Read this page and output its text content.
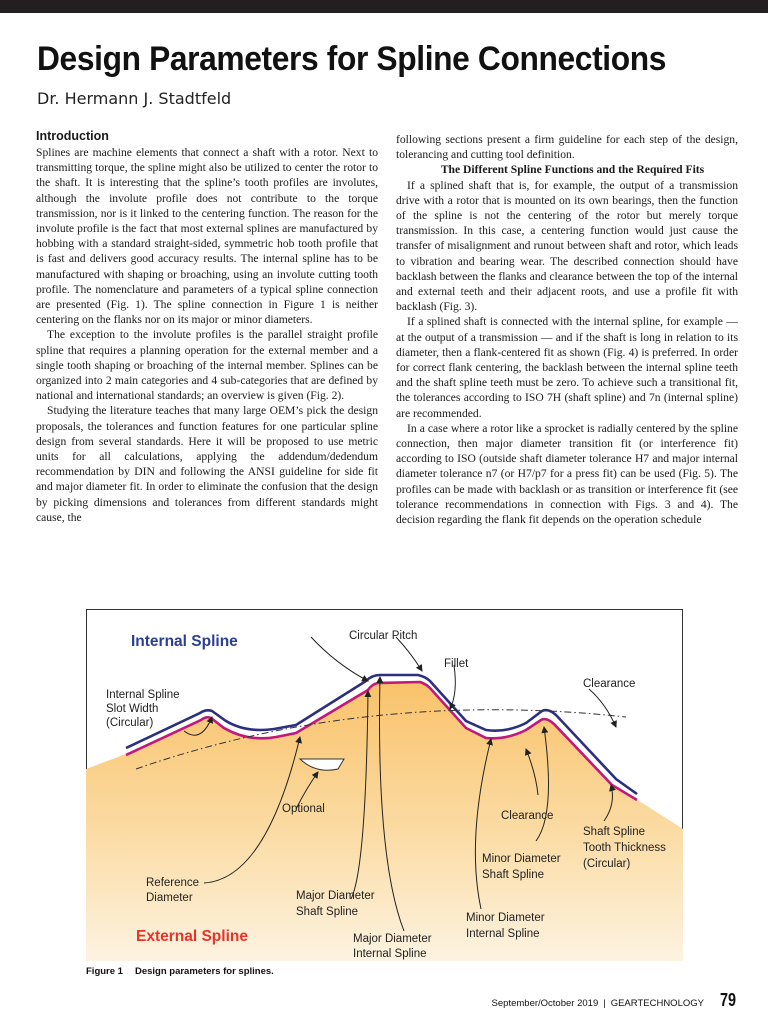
Design Parameters for Spline Connections
Dr. Hermann J. Stadtfeld
Introduction

Splines are machine elements that connect a shaft with a rotor. Next to transmitting torque, the spline might also be utilized to center the rotor to the shaft. It is interesting that the spline’s tooth profiles are involutes, although the involute profile does not contribute to the torque transmission, nor is it linked to the centering function. The reason for the involute profile is the fact that most external splines are manufactured by hobbing with a standard straight-sided, symmetric hob tooth profile that is fast and delivers good accuracy results. The internal spline has to be manufactured with shaping or broaching, using an involute cutting tooth profile. The nomenclature and parameters of a typical spline connection are presented (Fig. 1). The spline connection in Figure 1 is neither centering on the flanks nor on its major or minor diameters.

The exception to the involute profiles is the parallel straight profile spline that requires a planning operation for the external member and a single tooth shaping or broaching of the internal member. Splines can be organized into 2 main categories and 4 sub-categories that are defined by national and international standards; an overview is given (Fig. 2).

Studying the literature teaches that many large OEM’s pick the design proposals, the tolerances and function features for one particular spline design from several standards. Here it will be proposed to use metric units for all calculations, applying the addendum/dedendum recommendation by DIN and following the ANSI guideline for side fit and major diameter fit. In order to eliminate the confusion that the design by picking dimensions and tolerances from different standards might cause, the

following sections present a firm guideline for each step of the design, tolerancing and cutting tool definition.

The Different Spline Functions and the Required Fits

If a splined shaft that is, for example, the output of a transmission drive with a rotor that is mounted on its own bearings, then the function of the spline is not the centering of the rotor but merely torque transmission. In this case, a centering function would just cause the transfer of misalignment and runout between shaft and rotor, which leads to vibration and bearing wear. The described connection should have backlash between the flanks and clearance between the top of the internal and external teeth and their adjacent roots, and use a profile fit with backlash (Fig. 3).

If a splined shaft is connected with the internal spline, for example — at the output of a transmission — and if the shaft is long in relation to its diameter, then a flank-centered fit as shown (Fig. 4) is preferred. In order for correct flank centering, the backlash between the internal spline teeth and the shaft spline teeth must be zero. To achieve such a transitional fit, the tolerances according to ISO 7H (shaft spline) and 7n (internal spline) are recommended.

In a case where a rotor like a sprocket is radially centered by the spline connection, then major diameter transition fit (or interference fit) according to ISO (outside shaft diameter tolerance H7 and major internal diameter tolerance n7 (or H7/p7 for a press fit) can be used (Fig. 5). The profiles can be made with backlash or as transition or interference fit (see tolerance recommendations in connection with Figs. 3 and 4). The decision regarding the flank fit depends on the operation schedule

Internal Spline	Circular Pitch
Fillet
Clearance
Internal Spline
Slot Width
(Circular)
Optional
Clearance
Shaft Spline
Tooth Thickness
(Circular)
Minor Diameter
Shaft Spline
Reference
Diameter	Major Diameter
Shaft Spline	Minor Diameter
Internal Spline
External Spline	Major Diameter
Internal Spline
Figure 1 Design parameters for splines.
September/October 2019 | GEARTECHNOLOGY 79
